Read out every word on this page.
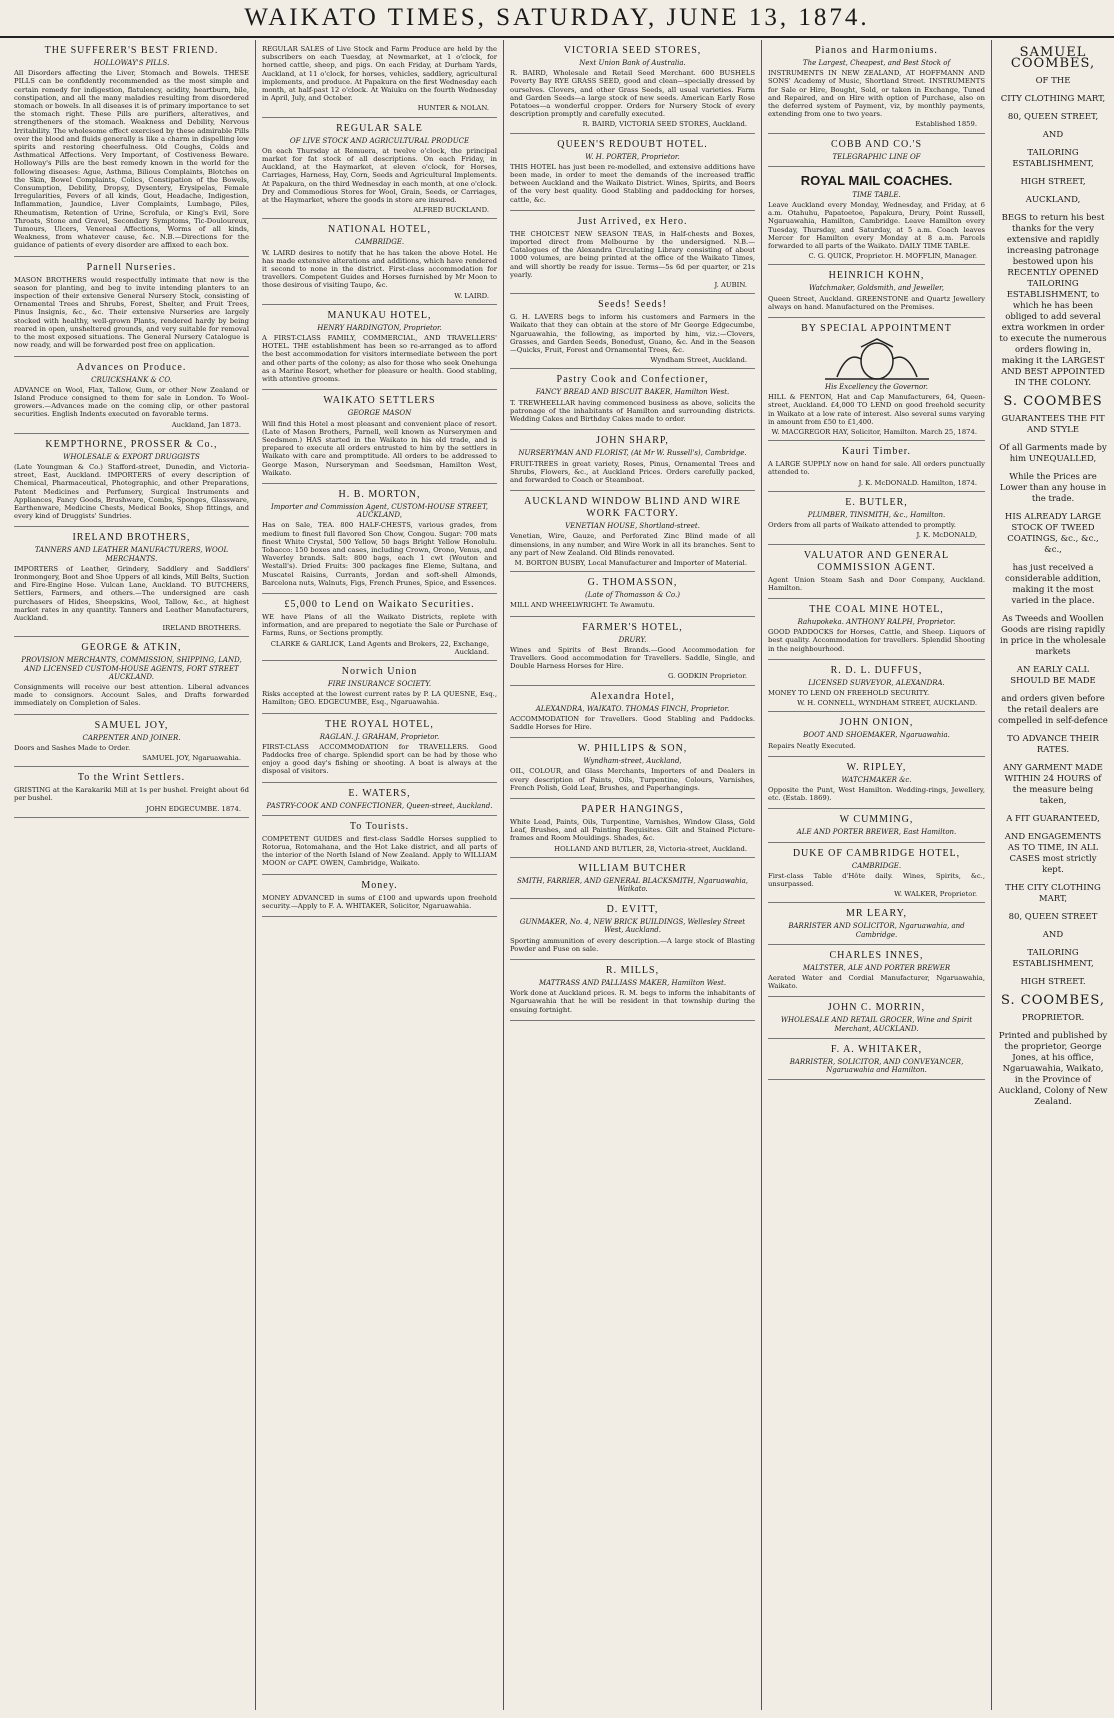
WAIKATO TIMES, SATURDAY, JUNE 13, 1874.
THE SUFFERER'S BEST FRIEND.
HOLLOWAY'S PILLS.
All Disorders affecting the Liver, Stomach and Bowels. THESE PILLS can be confidently recommended as the most simple and certain remedy for indigestion, flatulency, acidity, heartburn, bile, constipation, and all the many maladies resulting from disordered stomach or bowels. In all diseases it is of primary importance to set the stomach right. These Pills are purifiers, alteratives, and strengtheners of the stomach. Weakness and Debility, Nervous Irritability. The wholesome effect exercised by these admirable Pills over the blood and fluids generally is like a charm in dispelling low spirits and restoring cheerfulness. Old Coughs, Colds and Asthmatical Affections. Very Important, of Costiveness Beware. Holloway's Pills are the best remedy known in the world for the following diseases: Ague, Asthma, Bilious Complaints, Blotches on the Skin, Bowel Complaints, Colics, Constipation of the Bowels, Consumption, Debility, Dropsy, Dysentery, Erysipelas, Female Irregularities, Fevers of all kinds, Gout, Headache, Indigestion, Inflammation, Jaundice, Liver Complaints, Lumbago, Piles, Rheumatism, Retention of Urine, Scrofula, or King's Evil, Sore Throats, Stone and Gravel, Secondary Symptoms, Tic-Douloureux, Tumours, Ulcers, Venereal Affections, Worms of all kinds, Weakness, from whatever cause, &c. N.B.—Directions for the guidance of patients of every disorder are affixed to each box.
Parnell Nurseries.
MASON BROTHERS would respectfully intimate that now is the season for planting, and beg to invite intending planters to an inspection of their extensive General Nursery Stock, consisting of Ornamental Trees and Shrubs, Forest, Shelter, and Fruit Trees, Pinus Insignis, &c., &c. Their extensive Nurseries are largely stocked with healthy, well-grown Plants, rendered hardy by being reared in open, unsheltered grounds, and very suitable for removal to the most exposed situations. The General Nursery Catalogue is now ready, and will be forwarded post free on application.
Advances on Produce.
CRUICKSHANK & CO.
ADVANCE on Wool, Flax, Tallow, Gum, or other New Zealand or Island Produce consigned to them for sale in London. To Wool-growers.—Advances made on the coming clip, or other pastoral securities. English Indents executed on favorable terms.
Auckland, Jan 1873.
KEMPTHORNE, PROSSER & Co.,
WHOLESALE & EXPORT DRUGGISTS
(Late Youngman & Co.) Stafford-street, Dunedin, and Victoria-street, East, Auckland. IMPORTERS of every description of Chemical, Pharmaceutical, Photographic, and other Preparations, Patent Medicines and Perfumery, Surgical Instruments and Appliances, Fancy Goods, Brushware, Combs, Sponges, Glassware, Earthenware, Medicine Chests, Medical Books, Shop fittings, and every kind of Druggists' Sundries.
IRELAND BROTHERS,
TANNERS AND LEATHER MANUFACTURERS, WOOL MERCHANTS.
IMPORTERS of Leather, Grindery, Saddlery and Saddlers' Ironmongery, Boot and Shoe Uppers of all kinds, Mill Belts, Suction and Fire-Engine Hose. Vulcan Lane, Auckland. TO BUTCHERS, Settlers, Farmers, and others.—The undersigned are cash purchasers of Hides, Sheepskins, Wool, Tallow, &c., at highest market rates in any quantity. Tanners and Leather Manufacturers, Auckland.
IRELAND BROTHERS.
GEORGE & ATKIN,
PROVISION MERCHANTS, COMMISSION, SHIPPING, LAND, AND LICENSED CUSTOM-HOUSE AGENTS, FORT STREET AUCKLAND.
Consignments will receive our best attention. Liberal advances made to consignors. Account Sales, and Drafts forwarded immediately on Completion of Sales.
SAMUEL JOY,
CARPENTER AND JOINER.
Doors and Sashes Made to Order.
SAMUEL JOY, Ngaruawahia.
To the Wrint Settlers.
GRISTING at the Karakariki Mill at 1s per bushel. Freight about 6d per bushel.
JOHN EDGECUMBE. 1874.
REGULAR SALES of Live Stock and Farm Produce are held by the subscribers on each Tuesday, at Newmarket, at 1 o'clock, for horned cattle, sheep, and pigs. On each Friday, at Durham Yards, Auckland, at 11 o'clock, for horses, vehicles, saddlery, agricultural implements, and produce. At Papakura on the first Wednesday each month, at half-past 12 o'clock. At Waiuku on the fourth Wednesday in April, July, and October.
HUNTER & NOLAN.
REGULAR SALE
OF LIVE STOCK AND AGRICULTURAL PRODUCE
On each Thursday at Remuera, at twelve o'clock, the principal market for fat stock of all descriptions. On each Friday, in Auckland, at the Haymarket, at eleven o'clock, for Horses, Carriages, Harness, Hay, Corn, Seeds and Agricultural Implements. At Papakura, on the third Wednesday in each month, at one o'clock. Dry and Commodious Stores for Wool, Grain, Seeds, or Carriages, at the Haymarket, where the goods in store are insured.
ALFRED BUCKLAND.
NATIONAL HOTEL,
CAMBRIDGE.
W. LAIRD desires to notify that he has taken the above Hotel. He has made extensive alterations and additions, which have rendered it second to none in the district. First-class accommodation for travellers. Competent Guides and Horses furnished by Mr Moon to those desirous of visiting Taupo, &c.
W. LAIRD.
MANUKAU HOTEL,
HENRY HARDINGTON, Proprietor.
A FIRST-CLASS FAMILY, COMMERCIAL, AND TRAVELLERS' HOTEL. THE establishment has been so re-arranged as to afford the best accommodation for visitors intermediate between the port and other parts of the colony; as also for those who seek Onehunga as a Marine Resort, whether for pleasure or health. Good stabling, with attentive grooms.
WAIKATO SETTLERS
GEORGE MASON
Will find this Hotel a most pleasant and convenient place of resort. (Late of Mason Brothers, Parnell, well known as Nurserymen and Seedsmen.) HAS started in the Waikato in his old trade, and is prepared to execute all orders entrusted to him by the settlers in Waikato with care and promptitude. All orders to be addressed to George Mason, Nurseryman and Seedsman, Hamilton West, Waikato.
H. B. MORTON,
Importer and Commission Agent, CUSTOM-HOUSE STREET, AUCKLAND,
Has on Sale, TEA. 800 HALF-CHESTS, various grades, from medium to finest full flavored Son Chow, Congou. Sugar: 700 mats finest White Crystal, 500 Yellow, 50 bags Bright Yellow Honolulu. Tobacco: 150 boxes and cases, including Crown, Orono, Venus, and Waverley brands. Salt: 800 bags, each 1 cwt (Wouton and Westall's). Dried Fruits: 300 packages fine Eleme, Sultana, and Muscatel Raisins, Currants, Jordan and soft-shell Almonds, Barcelona nuts, Walnuts, Figs, French Prunes, Spice, and Essences.
£5,000 to Lend on Waikato Securities.
WE have Plans of all the Waikato Districts, replete with information, and are prepared to negotiate the Sale or Purchase of Farms, Runs, or Sections promptly.
CLARKE & GARLICK, Land Agents and Brokers, 22, Exchange, Auckland.
Norwich Union
FIRE INSURANCE SOCIETY.
Risks accepted at the lowest current rates by P. LA QUESNE, Esq., Hamilton; GEO. EDGECUMBE, Esq., Ngaruawahia.
THE ROYAL HOTEL,
RAGLAN. J. GRAHAM, Proprietor.
FIRST-CLASS ACCOMMODATION for TRAVELLERS. Good Paddocks free of charge. Splendid sport can be had by those who enjoy a good day's fishing or shooting. A boat is always at the disposal of visitors.
E. WATERS,
PASTRY-COOK AND CONFECTIONER, Queen-street, Auckland.
To Tourists.
COMPETENT GUIDES and first-class Saddle Horses supplied to Rotorua, Rotomahana, and the Hot Lake district, and all parts of the interior of the North Island of New Zealand. Apply to WILLIAM MOON or CAPT. OWEN, Cambridge, Waikato.
Money.
MONEY ADVANCED in sums of £100 and upwards upon freehold security.—Apply to F. A. WHITAKER, Solicitor, Ngaruawahia.
VICTORIA SEED STORES,
Next Union Bank of Australia.
R. BAIRD, Wholesale and Retail Seed Merchant. 600 BUSHELS Poverty Bay RYE GRASS SEED, good and clean—specially dressed by ourselves. Clovers, and other Grass Seeds, all usual varieties. Farm and Garden Seeds—a large stock of new seeds. American Early Rose Potatoes—a wonderful cropper. Orders for Nursery Stock of every description promptly and carefully executed.
R. BAIRD, VICTORIA SEED STORES, Auckland.
QUEEN'S REDOUBT HOTEL.
W. H. PORTER, Proprietor.
THIS HOTEL has just been re-modelled, and extensive additions have been made, in order to meet the demands of the increased traffic between Auckland and the Waikato District. Wines, Spirits, and Beers of the very best quality. Good Stabling and paddocking for horses, cattle, &c.
Just Arrived, ex Hero.
THE CHOICEST NEW SEASON TEAS, in Half-chests and Boxes, imported direct from Melbourne by the undersigned. N.B.—Catalogues of the Alexandra Circulating Library consisting of about 1000 volumes, are being printed at the office of the Waikato Times, and will shortly be ready for issue. Terms—5s 6d per quarter, or 21s yearly.
J. AUBIN.
Seeds! Seeds!
G. H. LAVERS begs to inform his customers and Farmers in the Waikato that they can obtain at the store of Mr George Edgecumbe, Ngaruawahia, the following, as imported by him, viz.:—Clovers, Grasses, and Garden Seeds, Bonedust, Guano, &c. And in the Season—Quicks, Fruit, Forest and Ornamental Trees, &c.
Wyndham Street, Auckland.
Pastry Cook and Confectioner,
FANCY BREAD AND BISCUIT BAKER, Hamilton West.
T. TREWHEELLAR having commenced business as above, solicits the patronage of the inhabitants of Hamilton and surrounding districts. Wedding Cakes and Birthday Cakes made to order.
JOHN SHARP,
NURSERYMAN AND FLORIST, (At Mr W. Russell's), Cambridge.
FRUIT-TREES in great variety, Roses, Pinus, Ornamental Trees and Shrubs, Flowers, &c., at Auckland Prices. Orders carefully packed, and forwarded to Coach or Steamboat.
AUCKLAND WINDOW BLIND AND WIRE WORK FACTORY.
VENETIAN HOUSE, Shortland-street.
Venetian, Wire, Gauze, and Perforated Zinc Blind made of all dimensions, in any number, and Wire Work in all its branches. Sent to any part of New Zealand. Old Blinds renovated.
M. BORTON BUSBY, Local Manufacturer and Importer of Material.
G. THOMASSON,
(Late of Thomasson & Co.)
MILL AND WHEELWRIGHT. Te Awamutu.
FARMER'S HOTEL,
DRURY.
Wines and Spirits of Best Brands.—Good Accommodation for Travellers. Good accommodation for Travellers. Saddle, Single, and Double Harness Horses for Hire.
G. GODKIN Proprietor.
Alexandra Hotel,
ALEXANDRA, WAIKATO. THOMAS FINCH, Proprietor.
ACCOMMODATION for Travellers. Good Stabling and Paddocks. Saddle Horses for Hire.
W. PHILLIPS & SON,
Wyndham-street, Auckland,
OIL, COLOUR, and Glass Merchants, Importers of and Dealers in every description of Paints, Oils, Turpentine, Colours, Varnishes, French Polish, Gold Leaf, Brushes, and Paperhangings.
PAPER HANGINGS,
White Lead, Paints, Oils, Turpentine, Varnishes, Window Glass, Gold Leaf, Brushes, and all Painting Requisites. Gilt and Stained Picture-frames and Room Mouldings. Shades, &c.
HOLLAND AND BUTLER, 28, Victoria-street, Auckland.
WILLIAM BUTCHER
SMITH, FARRIER, AND GENERAL BLACKSMITH, Ngaruawahia, Waikato.
D. EVITT,
GUNMAKER, No. 4, NEW BRICK BUILDINGS, Wellesley Street West, Auckland.
Sporting ammunition of every description.—A large stock of Blasting Powder and Fuse on sale.
R. MILLS,
MATTRASS AND PALLIASS MAKER, Hamilton West.
Work done at Auckland prices. R. M. begs to inform the inhabitants of Ngaruawahia that he will be resident in that township during the ensuing fortnight.
Pianos and Harmoniums.
The Largest, Cheapest, and Best Stock of
INSTRUMENTS IN NEW ZEALAND, AT HOFFMANN AND SONS' Academy of Music, Shortland Street. INSTRUMENTS for Sale or Hire, Bought, Sold, or taken in Exchange, Tuned and Repaired, and on Hire with option of Purchase, also on the deferred system of Payment, viz, by monthly payments, extending from one to two years.
Established 1859.
COBB AND CO.'S
TELEGRAPHIC LINE OF
ROYAL MAIL COACHES.
TIME TABLE.
Leave Auckland every Monday, Wednesday, and Friday, at 6 a.m. Otahuhu, Papatoetoe, Papakura, Drury, Point Russell, Ngaruawahia, Hamilton, Cambridge. Leave Hamilton every Tuesday, Thursday, and Saturday, at 5 a.m. Coach leaves Mercer for Hamilton every Monday at 8 a.m. Parcels forwarded to all parts of the Waikato. DAILY TIME TABLE.
C. G. QUICK, Proprietor. H. MOFFLIN, Manager.
HEINRICH KOHN,
Watchmaker, Goldsmith, and Jeweller,
Queen Street, Auckland. GREENSTONE and Quartz Jewellery always on hand. Manufactured on the Premises.
BY SPECIAL APPOINTMENT
His Excellency the Governor.
HILL & FENTON, Hat and Cap Manufacturers, 64, Queen-street, Auckland. £4,000 TO LEND on good freehold security in Waikato at a low rate of interest. Also several sums varying in amount from £50 to £1,400.
W. MACGREGOR HAY, Solicitor, Hamilton. March 25, 1874.
Kauri Timber.
A LARGE SUPPLY now on hand for sale. All orders punctually attended to.
J. K. McDONALD. Hamilton, 1874.
E. BUTLER,
PLUMBER, TINSMITH, &c., Hamilton.
Orders from all parts of Waikato attended to promptly.
J. K. McDONALD,
VALUATOR AND GENERAL COMMISSION AGENT.
Agent Union Steam Sash and Door Company, Auckland. Hamilton.
THE COAL MINE HOTEL,
Rahupokeka. ANTHONY RALPH, Proprietor.
GOOD PADDOCKS for Horses, Cattle, and Sheep. Liquors of best quality. Accommodation for travellers. Splendid Shooting in the neighbourhood.
R. D. L. DUFFUS,
LICENSED SURVEYOR, ALEXANDRA.
MONEY TO LEND ON FREEHOLD SECURITY.
W. H. CONNELL, WYNDHAM STREET, AUCKLAND.
JOHN ONION,
BOOT AND SHOEMAKER, Ngaruawahia.
Repairs Neatly Executed.
W. RIPLEY,
WATCHMAKER &c.
Opposite the Punt, West Hamilton. Wedding-rings, Jewellery, etc. (Estab. 1869).
W CUMMING,
ALE AND PORTER BREWER, East Hamilton.
DUKE OF CAMBRIDGE HOTEL,
CAMBRIDGE.
First-class Table d'Hôte daily. Wines, Spirits, &c., unsurpassed.
W. WALKER, Proprietor.
MR LEARY,
BARRISTER AND SOLICITOR, Ngaruawahia, and Cambridge.
CHARLES INNES,
MALTSTER, ALE AND PORTER BREWER
Aerated Water and Cordial Manufacturer, Ngaruawahia, Waikato.
JOHN C. MORRIN,
WHOLESALE AND RETAIL GROCER, Wine and Spirit Merchant, AUCKLAND.
F. A. WHITAKER,
BARRISTER, SOLICITOR, AND CONVEYANCER, Ngaruawahia and Hamilton.
SAMUEL COOMBES,
OF THE
CITY CLOTHING MART,
80, QUEEN STREET,
AND
TAILORING ESTABLISHMENT,
HIGH STREET,
AUCKLAND,
BEGS to return his best thanks for the very extensive and rapidly increasing patronage bestowed upon his RECENTLY OPENED TAILORING ESTABLISHMENT, to which he has been obliged to add several extra workmen in order to execute the numerous orders flowing in, making it the LARGEST AND BEST APPOINTED IN THE COLONY.
S. COOMBES
GUARANTEES THE FIT AND STYLE
Of all Garments made by him UNEQUALLED,
While the Prices are Lower than any house in the trade.
HIS ALREADY LARGE STOCK OF TWEED COATINGS, &c., &c., &c.,
has just received a considerable addition, making it the most varied in the place.
As Tweeds and Woollen Goods are rising rapidly in price in the wholesale markets
AN EARLY CALL SHOULD BE MADE
and orders given before the retail dealers are compelled in self-defence
TO ADVANCE THEIR RATES.
ANY GARMENT MADE WITHIN 24 HOURS of the measure being taken,
A FIT GUARANTEED,
AND ENGAGEMENTS AS TO TIME, IN ALL CASES most strictly kept.
THE CITY CLOTHING MART,
80, QUEEN STREET
AND
TAILORING ESTABLISHMENT,
HIGH STREET.
S. COOMBES,
PROPRIETOR.
Printed and published by the proprietor, George Jones, at his office, Ngaruawahia, Waikato, in the Province of Auckland, Colony of New Zealand.
